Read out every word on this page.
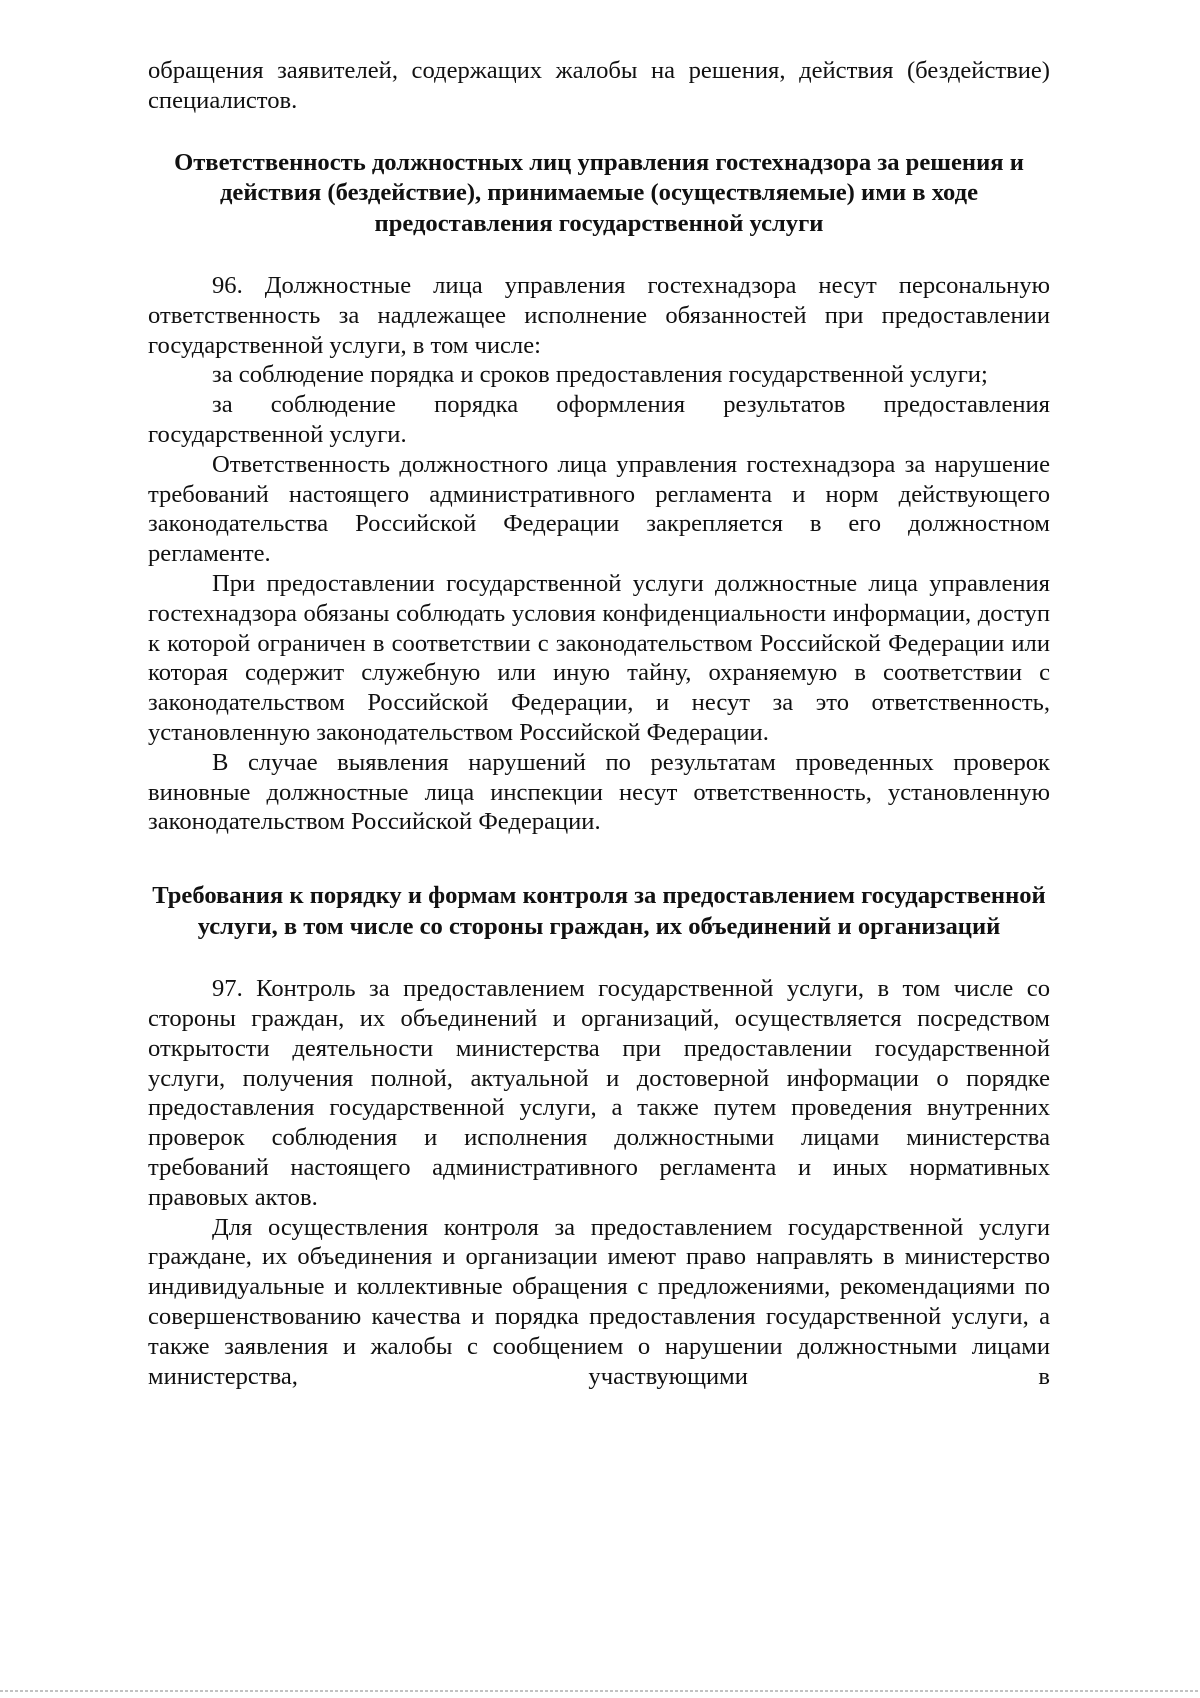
обращения заявителей, содержащих жалобы на решения, действия (бездействие) специалистов.

Ответственность должностных лиц управления гостехнадзора за решения и действия (бездействие), принимаемые (осуществляемые) ими в ходе предоставления государственной услуги

96. Должностные лица управления гостехнадзора несут персональную ответственность за надлежащее исполнение обязанностей при предоставлении государственной услуги, в том числе:

за соблюдение порядка и сроков предоставления государственной услуги;

за соблюдение порядка оформления результатов предоставления государственной услуги.

Ответственность должностного лица управления гостехнадзора за нарушение требований настоящего административного регламента и норм действующего законодательства Российской Федерации закрепляется в его должностном регламенте.

При предоставлении государственной услуги должностные лица управления гостехнадзора обязаны соблюдать условия конфиденциальности информации, доступ к которой ограничен в соответствии с законодательством Российской Федерации или которая содержит служебную или иную тайну, охраняемую в соответствии с законодательством Российской Федерации, и несут за это ответственность, установленную законодательством Российской Федерации.

В случае выявления нарушений по результатам проведенных проверок виновные должностные лица инспекции несут ответственность, установленную законодательством Российской Федерации.

Требования к порядку и формам контроля за предоставлением государственной услуги, в том числе со стороны граждан, их объединений и организаций

97. Контроль за предоставлением государственной услуги, в том числе со стороны граждан, их объединений и организаций, осуществляется посредством открытости деятельности министерства при предоставлении государственной услуги, получения полной, актуальной и достоверной информации о порядке предоставления государственной услуги, а также путем проведения внутренних проверок соблюдения и исполнения должностными лицами министерства требований настоящего административного регламента и иных нормативных правовых актов.

Для осуществления контроля за предоставлением государственной услуги граждане, их объединения и организации имеют право направлять в министерство индивидуальные и коллективные обращения с предложениями, рекомендациями по совершенствованию качества и порядка предоставления государственной услуги, а также заявления и жалобы с сообщением о нарушении должностными лицами министерства, участвующими в
